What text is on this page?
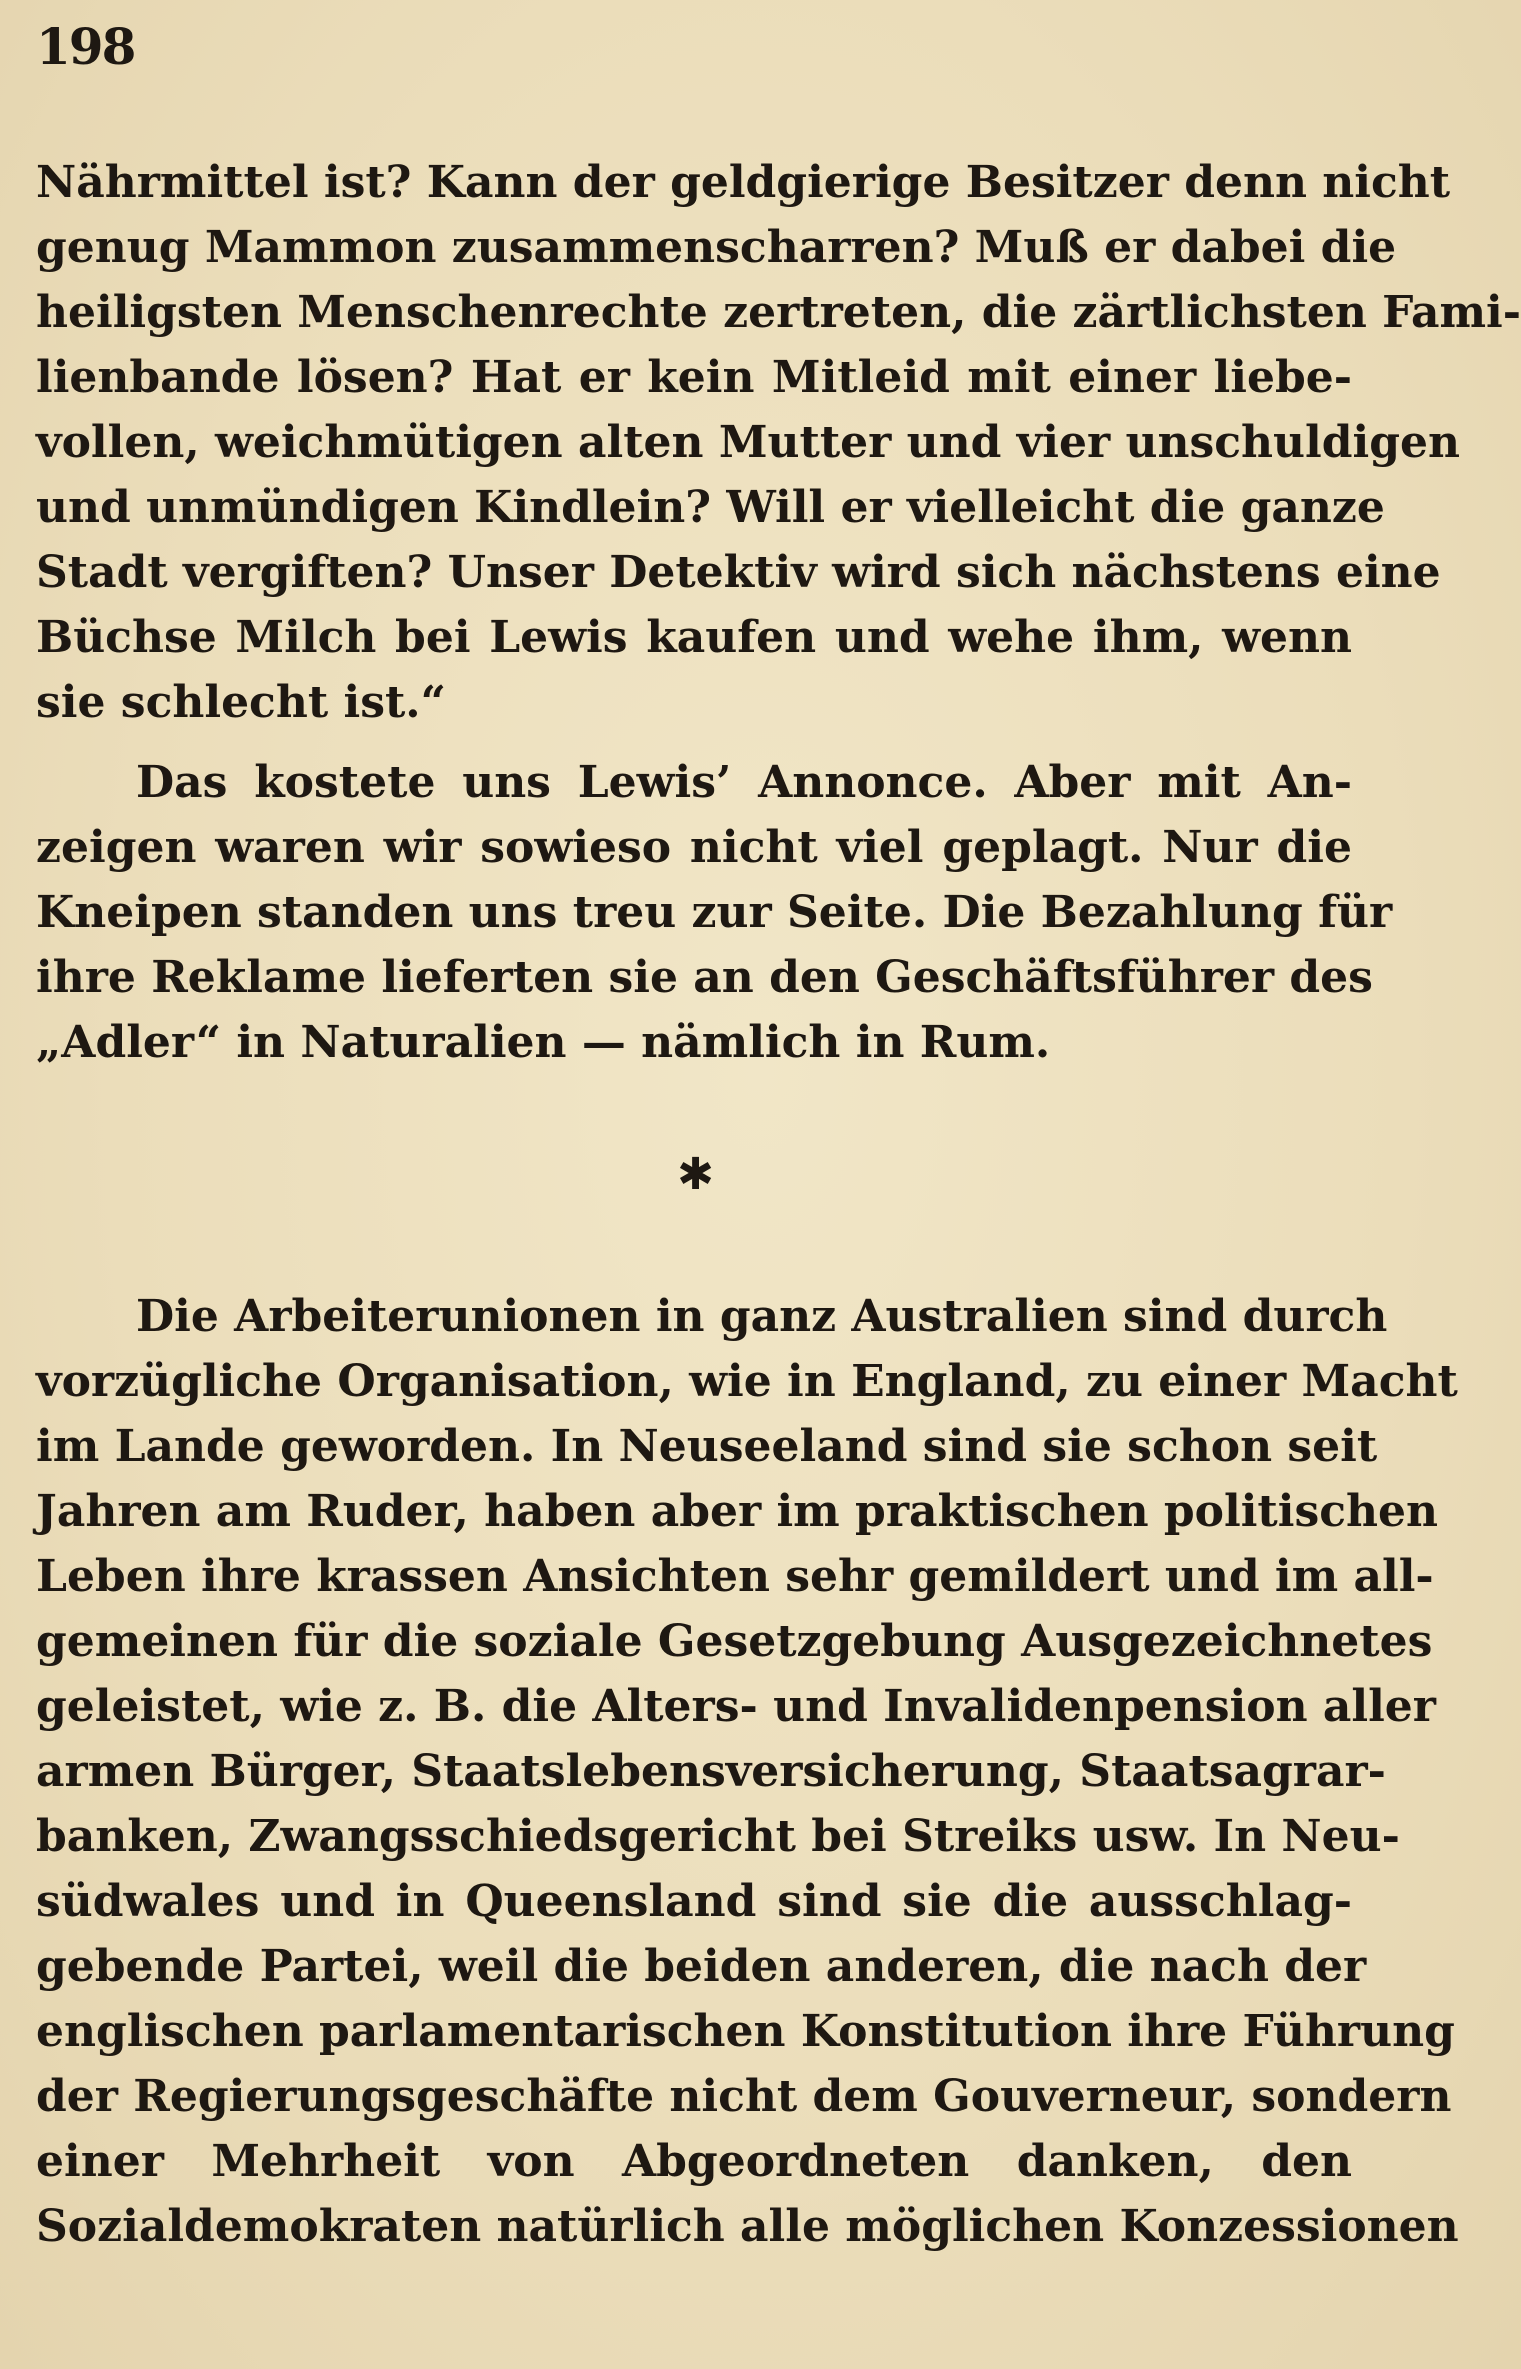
198
Nährmittel ist? Kann der geldgierige Besitzer denn nicht
genug Mammon zusammenscharren? Muß er dabei die
heiligsten Menschenrechte zertreten, die zärtlichsten Fami-
lienbande lösen? Hat er kein Mitleid mit einer liebe-
vollen, weichmütigen alten Mutter und vier unschuldigen
und unmündigen Kindlein? Will er vielleicht die ganze
Stadt vergiften? Unser Detektiv wird sich nächstens eine
Büchse Milch bei Lewis kaufen und wehe ihm, wenn
sie schlecht ist.“
Das kostete uns Lewis’ Annonce. Aber mit An-
zeigen waren wir sowieso nicht viel geplagt. Nur die
Kneipen standen uns treu zur Seite. Die Bezahlung für
ihre Reklame lieferten sie an den Geschäftsführer des
„Adler“ in Naturalien — nämlich in Rum.
✱
Die Arbeiterunionen in ganz Australien sind durch
vorzügliche Organisation, wie in England, zu einer Macht
im Lande geworden. In Neuseeland sind sie schon seit
Jahren am Ruder, haben aber im praktischen politischen
Leben ihre krassen Ansichten sehr gemildert und im all-
gemeinen für die soziale Gesetzgebung Ausgezeichnetes
geleistet, wie z. B. die Alters- und Invalidenpension aller
armen Bürger, Staatslebensversicherung, Staatsagrar-
banken, Zwangsschiedsgericht bei Streiks usw. In Neu-
südwales und in Queensland sind sie die ausschlag-
gebende Partei, weil die beiden anderen, die nach der
englischen parlamentarischen Konstitution ihre Führung
der Regierungsgeschäfte nicht dem Gouverneur, sondern
einer Mehrheit von Abgeordneten danken, den
Sozialdemokraten natürlich alle möglichen Konzessionen
